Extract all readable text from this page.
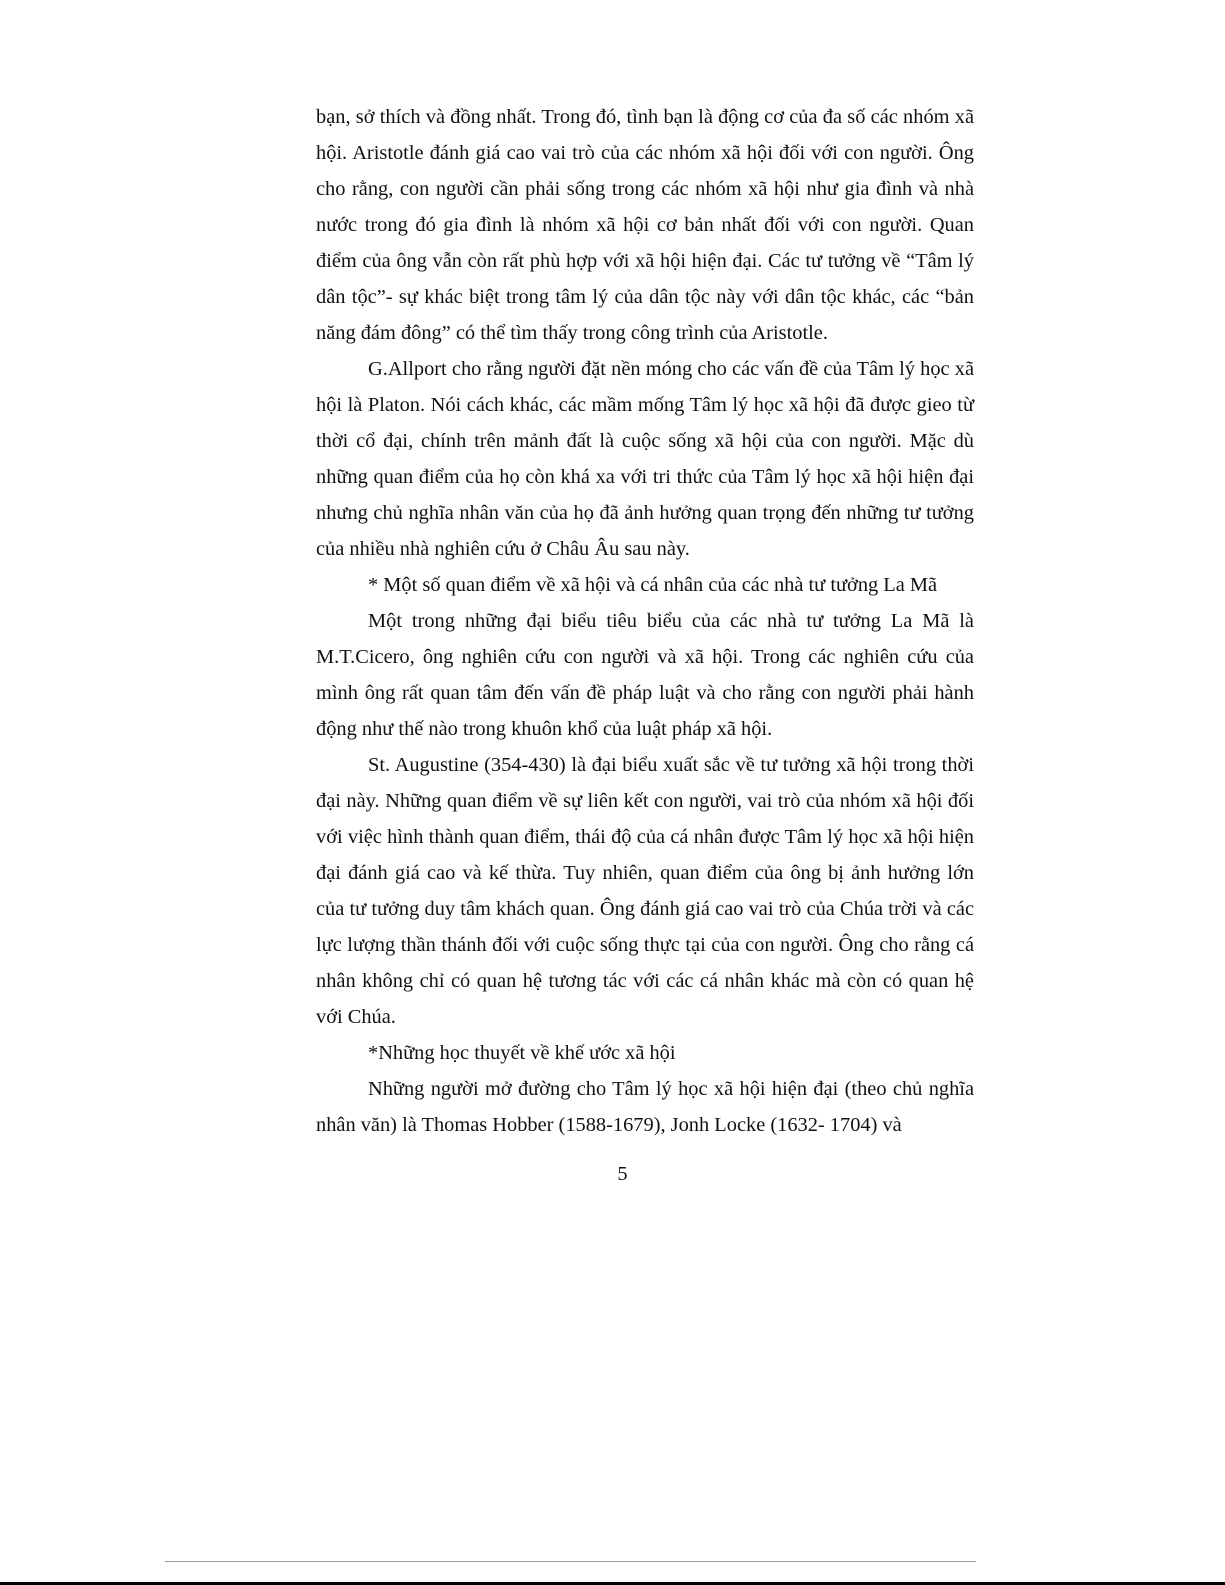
bạn, sở thích và đồng nhất. Trong đó, tình bạn là động cơ của đa số các nhóm xã hội. Aristotle đánh giá cao vai trò của các nhóm xã hội đối với con người. Ông cho rằng, con người cần phải sống trong các nhóm xã hội như gia đình và nhà nước trong đó gia đình là nhóm xã hội cơ bản nhất đối với con người. Quan điểm của ông vẫn còn rất phù hợp với xã hội hiện đại. Các tư tưởng về “Tâm lý dân tộc”- sự khác biệt trong tâm lý của dân tộc này với dân tộc khác, các “bản năng đám đông” có thể tìm thấy trong công trình của Aristotle.

G.Allport cho rằng người đặt nền móng cho các vấn đề của Tâm lý học xã hội là Platon. Nói cách khác, các mầm mống Tâm lý học xã hội đã được gieo từ thời cổ đại, chính trên mảnh đất là cuộc sống xã hội của con người. Mặc dù những quan điểm của họ còn khá xa với tri thức của Tâm lý học xã hội hiện đại nhưng chủ nghĩa nhân văn của họ đã ảnh hưởng quan trọng đến những tư tưởng của nhiều nhà nghiên cứu ở Châu Âu sau này.

* Một số quan điểm về xã hội và cá nhân của các nhà tư tưởng La Mã

Một trong những đại biểu tiêu biểu của các nhà tư tưởng La Mã là M.T.Cicero, ông nghiên cứu con người và xã hội. Trong các nghiên cứu của mình ông rất quan tâm đến vấn đề pháp luật và cho rằng con người phải hành động như thế nào trong khuôn khổ của luật pháp xã hội.

St. Augustine (354-430) là đại biểu xuất sắc về tư tưởng xã hội trong thời đại này. Những quan điểm về sự liên kết con người, vai trò của nhóm xã hội đối với việc hình thành quan điểm, thái độ của cá nhân được Tâm lý học xã hội hiện đại đánh giá cao và kế thừa. Tuy nhiên, quan điểm của ông bị ảnh hưởng lớn của tư tưởng duy tâm khách quan. Ông đánh giá cao vai trò của Chúa trời và các lực lượng thần thánh đối với cuộc sống thực tại của con người. Ông cho rằng cá nhân không chỉ có quan hệ tương tác với các cá nhân khác mà còn có quan hệ với Chúa.

*Những học thuyết về khế ước xã hội

Những người mở đường cho Tâm lý học xã hội hiện đại (theo chủ nghĩa nhân văn) là Thomas Hobber (1588-1679), Jonh Locke (1632- 1704) và

5
